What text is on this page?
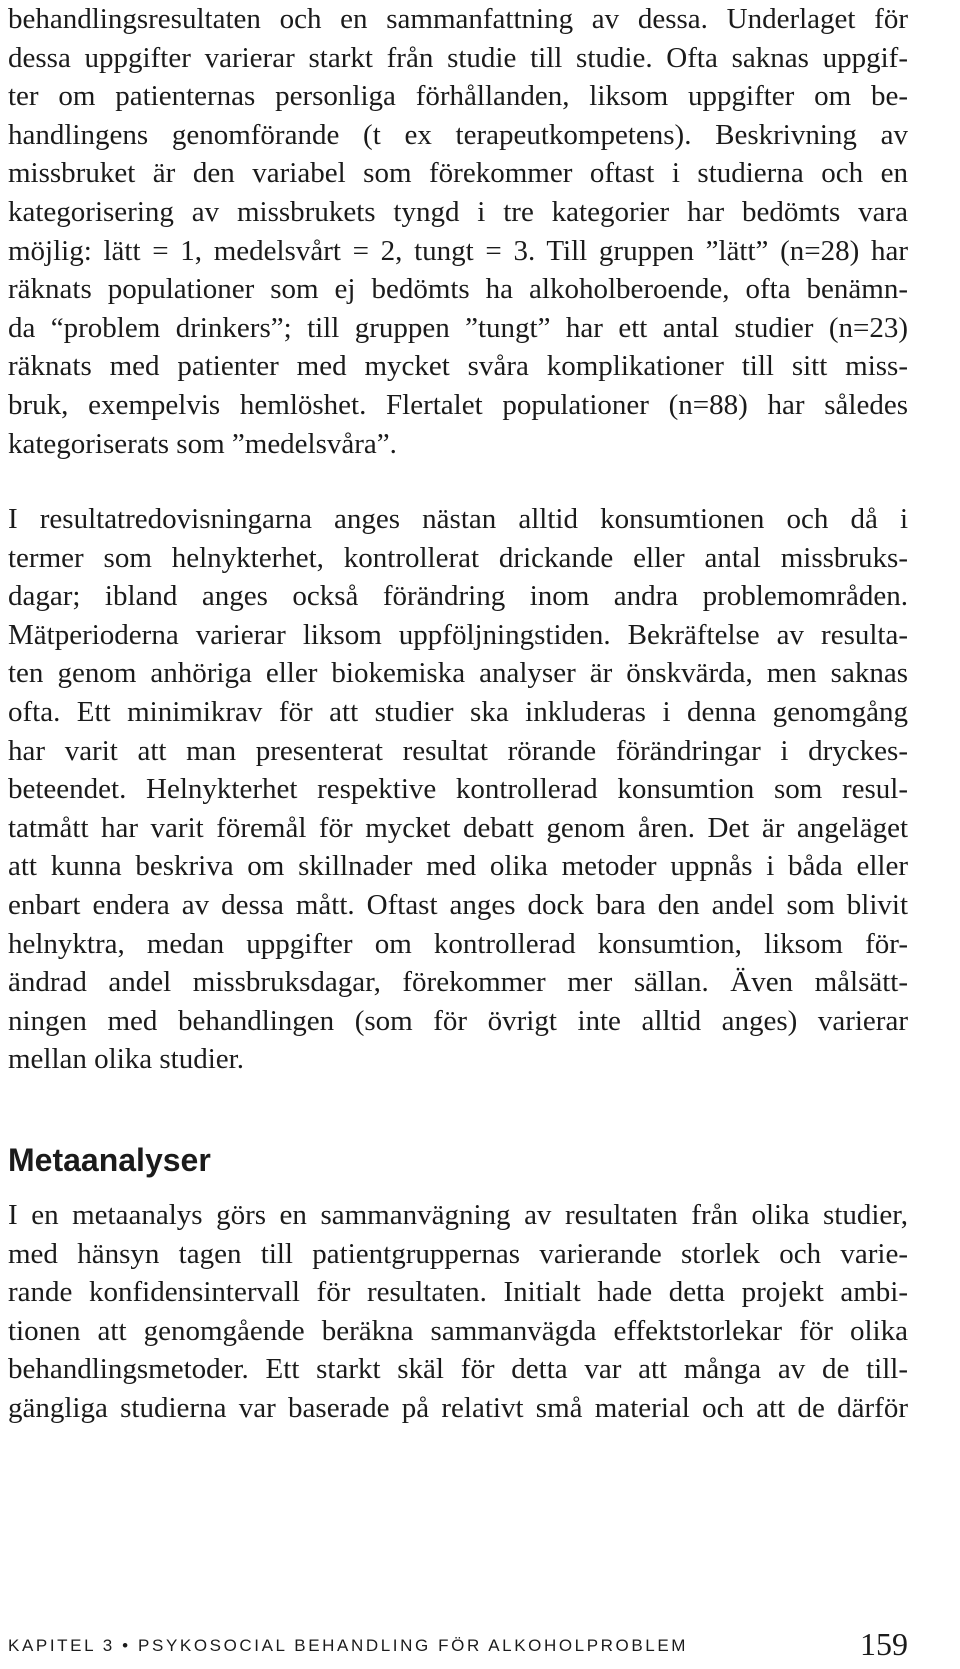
behandlingsresultaten och en sammanfattning av dessa. Underlaget för
dessa uppgifter varierar starkt från studie till studie. Ofta saknas uppgif-
ter om patienternas personliga förhållanden, liksom uppgifter om be-
handlingens genomförande (t ex terapeutkompetens). Beskrivning av
missbruket är den variabel som förekommer oftast i studierna och en
kategorisering av missbrukets tyngd i tre kategorier har bedömts vara
möjlig: lätt = 1, medelsvårt = 2, tungt = 3. Till gruppen ”lätt” (n=28) har
räknats populationer som ej bedömts ha alkoholberoende, ofta benämn-
da “problem drinkers”; till gruppen ”tungt” har ett antal studier (n=23)
räknats med patienter med mycket svåra komplikationer till sitt miss-
bruk, exempelvis hemlöshet. Flertalet populationer (n=88) har således
kategoriserats som ”medelsvåra”.
I resultatredovisningarna anges nästan alltid konsumtionen och då i
termer som helnykterhet, kontrollerat drickande eller antal missbruks-
dagar; ibland anges också förändring inom andra problemområden.
Mätperioderna varierar liksom uppföljningstiden. Bekräftelse av resulta-
ten genom anhöriga eller biokemiska analyser är önskvärda, men saknas
ofta. Ett minimikrav för att studier ska inkluderas i denna genomgång
har varit att man presenterat resultat rörande förändringar i dryckes-
beteendet. Helnykterhet respektive kontrollerad konsumtion som resul-
tatmått har varit föremål för mycket debatt genom åren. Det är angeläget
att kunna beskriva om skillnader med olika metoder uppnås i båda eller
enbart endera av dessa mått. Oftast anges dock bara den andel som blivit
helnyktra, medan uppgifter om kontrollerad konsumtion, liksom för-
ändrad andel missbruksdagar, förekommer mer sällan. Även målsätt-
ningen med behandlingen (som för övrigt inte alltid anges) varierar
mellan olika studier.
Metaanalyser
I en metaanalys görs en sammanvägning av resultaten från olika studier,
med hänsyn tagen till patientgruppernas varierande storlek och varie-
rande konfidensintervall för resultaten. Initialt hade detta projekt ambi-
tionen att genomgående beräkna sammanvägda effektstorlekar för olika
behandlingsmetoder. Ett starkt skäl för detta var att många av de till-
gängliga studierna var baserade på relativt små material och att de därför
KAPITEL 3 • PSYKOSOCIAL BEHANDLING FÖR ALKOHOLPROBLEM	159
